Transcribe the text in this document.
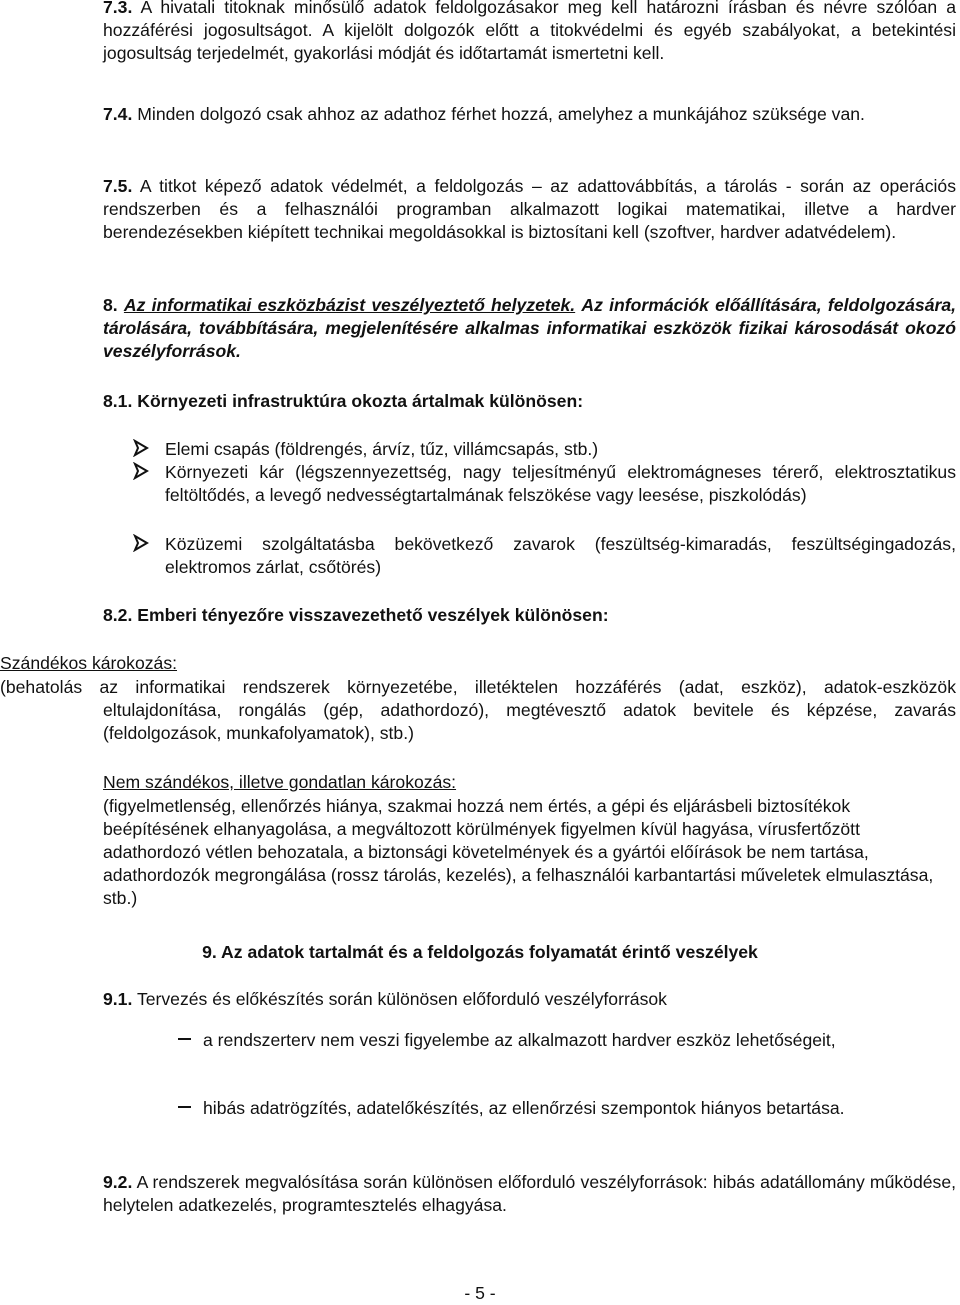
7.3. A hivatali titoknak minősülő adatok feldolgozásakor meg kell határozni írásban és névre szólóan a hozzáférési jogosultságot. A kijelölt dolgozók előtt a titokvédelmi és egyéb szabályokat, a betekintési jogosultság terjedelmét, gyakorlási módját és időtartamát ismertetni kell.

7.4. Minden dolgozó csak ahhoz az adathoz férhet hozzá, amelyhez a munkájához szüksége van.

7.5. A titkot képező adatok védelmét, a feldolgozás ‒ az adattovábbítás, a tárolás - során az operációs rendszerben és a felhasználói programban alkalmazott logikai matematikai, illetve a hardver berendezésekben kiépített technikai megoldásokkal is biztosítani kell (szoftver, hardver adatvédelem).

8. Az informatikai eszközbázist veszélyeztető helyzetek. Az információk előállítására, feldolgozására, tárolására, továbbítására, megjelenítésére alkalmas informatikai eszközök fizikai károsodását okozó veszélyforrások.

8.1. Környezeti infrastruktúra okozta ártalmak különösen:

Elemi csapás (földrengés, árvíz, tűz, villámcsapás, stb.)
Környezeti kár (légszennyezettség, nagy teljesítményű elektromágneses térerő, elektrosztatikus feltöltődés, a levegő nedvességtartalmának felszökése vagy leesése, piszkolódás)
Közüzemi szolgáltatásba bekövetkező zavarok (feszültség-kimaradás, feszültségingadozás, elektromos zárlat, csőtörés)

8.2. Emberi tényezőre visszavezethető veszélyek különösen:

Szándékos károkozás:

(behatolás az informatikai rendszerek környezetébe, illetéktelen hozzáférés (adat, eszköz), adatok-eszközök eltulajdonítása, rongálás (gép, adathordozó), megtévesztő adatok bevitele és képzése, zavarás (feldolgozások, munkafolyamatok), stb.)

Nem szándékos, illetve gondatlan károkozás:

(figyelmetlenség, ellenőrzés hiánya, szakmai hozzá nem értés, a gépi és eljárásbeli biztosítékok beépítésének elhanyagolása, a megváltozott körülmények figyelmen kívül hagyása, vírusfertőzött adathordozó vétlen behozatala, a biztonsági követelmények és a gyártói előírások be nem tartása, adathordozók megrongálása (rossz tárolás, kezelés), a felhasználói karbantartási műveletek elmulasztása, stb.)

9. Az adatok tartalmát és a feldolgozás folyamatát érintő veszélyek

9.1. Tervezés és előkészítés során különösen előforduló veszélyforrások

a rendszerterv nem veszi figyelembe az alkalmazott hardver eszköz lehetőségeit,
hibás adatrögzítés, adatelőkészítés, az ellenőrzési szempontok hiányos betartása.

9.2. A rendszerek megvalósítása során különösen előforduló veszélyforrások: hibás adatállomány működése, helytelen adatkezelés, programtesztelés elhagyása.

- 5 -
